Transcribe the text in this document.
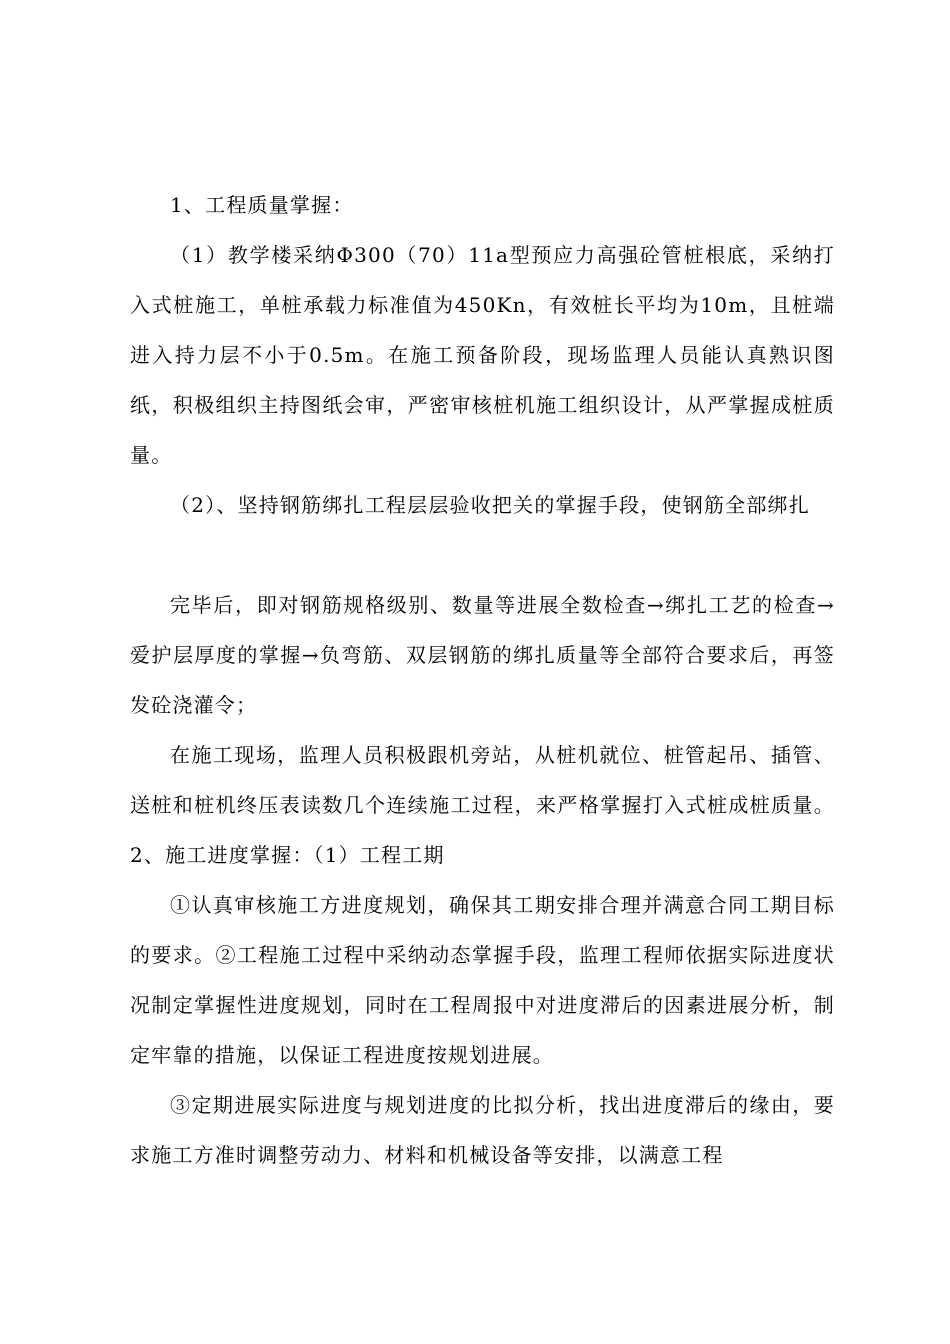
1、工程质量掌握：

（1）教学楼采纳Φ300（70）11a型预应力高强砼管桩根底，采纳打入式桩施工，单桩承载力标准值为450Kn，有效桩长平均为10m，且桩端进入持力层不小于0.5m。在施工预备阶段，现场监理人员能认真熟识图纸，积极组织主持图纸会审，严密审核桩机施工组织设计，从严掌握成桩质量。

（2）、坚持钢筋绑扎工程层层验收把关的掌握手段，使钢筋全部绑扎

完毕后，即对钢筋规格级别、数量等进展全数检查→绑扎工艺的检查→爱护层厚度的掌握→负弯筋、双层钢筋的绑扎质量等全部符合要求后，再签发砼浇灌令；

在施工现场，监理人员积极跟机旁站，从桩机就位、桩管起吊、插管、送桩和桩机终压表读数几个连续施工过程，来严格掌握打入式桩成桩质量。2、施工进度掌握：（1）工程工期

①认真审核施工方进度规划，确保其工期安排合理并满意合同工期目标的要求。②工程施工过程中采纳动态掌握手段，监理工程师依据实际进度状况制定掌握性进度规划，同时在工程周报中对进度滞后的因素进展分析，制定牢靠的措施，以保证工程进度按规划进展。

③定期进展实际进度与规划进度的比拟分析，找出进度滞后的缘由，要求施工方准时调整劳动力、材料和机械设备等安排，以满意工程
